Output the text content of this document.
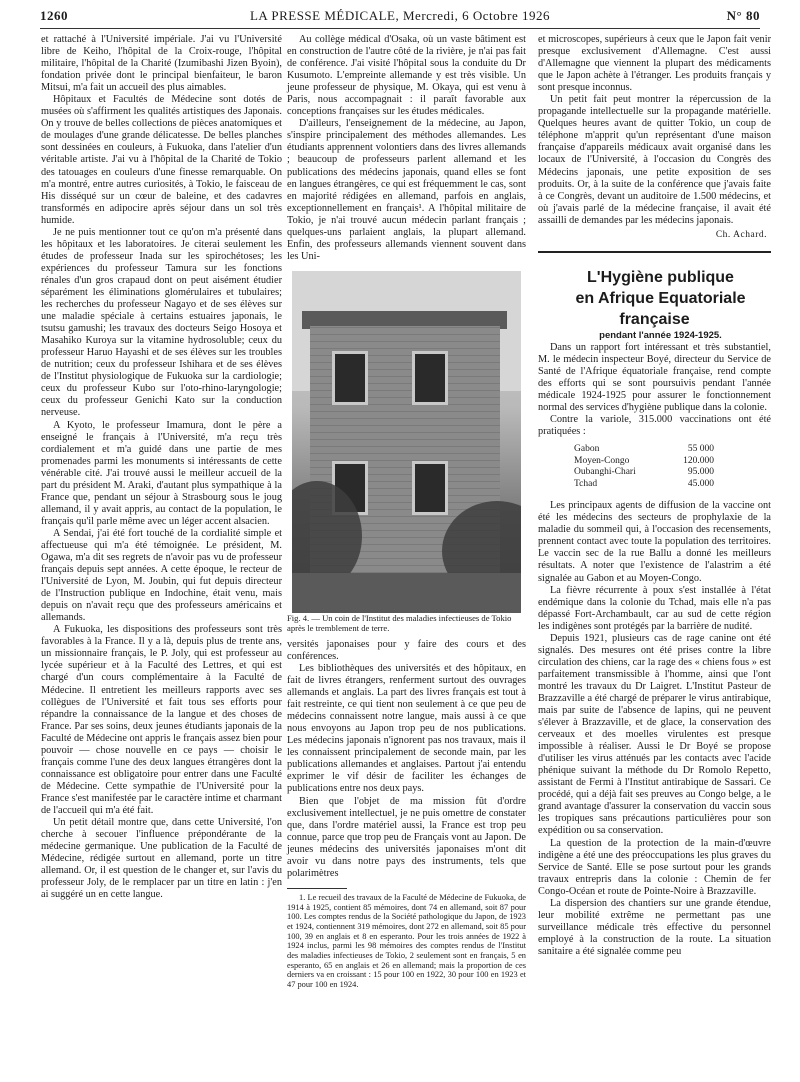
1260	LA PRESSE MÉDICALE, Mercredi, 6 Octobre 1926	N° 80

et rattaché à l'Université impériale. J'ai vu l'Université libre de Keiho, l'hôpital de la Croix-rouge, l'hôpital militaire, l'hôpital de la Charité (Izumibashi Jizen Byoin), fondation privée dont le principal bienfaiteur, le baron Mitsui, m'a fait un accueil des plus aimables.

Hôpitaux et Facultés de Médecine sont dotés de musées où s'affirment les qualités artistiques des Japonais. On y trouve de belles collections de pièces anatomiques et de moulages d'une grande délicatesse. De belles planches sont dessinées en couleurs, à Fukuoka, dans l'atelier d'un véritable artiste. J'ai vu à l'hôpital de la Charité de Tokio des tatouages en couleurs d'une finesse remarquable. On m'a montré, entre autres curiosités, à Tokio, le faisceau de His disséqué sur un cœur de baleine, et des cadavres transformés en adipocire après séjour dans un sol très humide.

Je ne puis mentionner tout ce qu'on m'a présenté dans les hôpitaux et les laboratoires. Je citerai seulement les études de professeur Inada sur les spirochétoses; les expériences du professeur Tamura sur les fonctions rénales d'un gros crapaud dont on peut aisément étudier séparément les éliminations glomérulaires et tubulaires; les recherches du professeur Nagayo et de ses élèves sur une maladie spéciale à certains estuaires japonais, le tsutsu gamushi; les travaux des docteurs Seigo Hosoya et Masahiko Kuroya sur la vitamine hydrosoluble; ceux du professeur Haruo Hayashi et de ses élèves sur les troubles de nutrition; ceux du professeur Ishihara et de ses élèves de l'Institut physiologique de Fukuoka sur la cardiologie; ceux du professeur Kubo sur l'oto-rhino-laryngologie; ceux du professeur Genichi Kato sur la conduction nerveuse.

A Kyoto, le professeur Imamura, dont le père a enseigné le français à l'Université, m'a reçu très cordialement et m'a guidé dans une partie de mes promenades parmi les monuments si intéressants de cette vénérable cité. J'ai trouvé aussi le meilleur accueil de la part du président M. Araki, d'autant plus sympathique à la France que, pendant un séjour à Strasbourg sous le joug allemand, il y avait appris, au contact de la population, le français qu'il parle même avec un léger accent alsacien.

A Sendai, j'ai été fort touché de la cordialité simple et affectueuse qui m'a été témoignée. Le président, M. Ogawa, m'a dit ses regrets de n'avoir pas vu de professeur français depuis sept années. A cette époque, le recteur de l'Université de Lyon, M. Joubin, qui fut depuis directeur de l'Instruction publique en Indochine, était venu, mais depuis on n'avait reçu que des professeurs américains et allemands.

A Fukuoka, les dispositions des professeurs sont très favorables à la France. Il y a là, depuis plus de trente ans, un missionnaire français, le P. Joly, qui est professeur au lycée supérieur et à la Faculté des Lettres, et qui est chargé d'un cours complémentaire à la Faculté de Médecine. Il entretient les meilleurs rapports avec ses collègues de l'Université et fait tous ses efforts pour répandre la connaissance de la langue et des choses de France. Par ses soins, deux jeunes étudiants japonais de la Faculté de Médecine ont appris le français assez bien pour pouvoir — chose nouvelle en ce pays — choisir le français comme l'une des deux langues étrangères dont la connaissance est obligatoire pour entrer dans une Faculté de Médecine. Cette sympathie de l'Université pour la France s'est manifestée par le caractère intime et charmant de l'accueil qui m'a été fait.

Un petit détail montre que, dans cette Université, l'on cherche à secouer l'influence prépondérante de la médecine germanique. Une publication de la Faculté de Médecine, rédigée surtout en allemand, porte un titre allemand. Or, il est question de le changer et, sur l'avis du professeur Joly, de le remplacer par un titre en latin : j'en ai suggéré un en cette langue.

Au collège médical d'Osaka, où un vaste bâtiment est en construction de l'autre côté de la rivière, je n'ai pas fait de conférence. J'ai visité l'hôpital sous la conduite du Dr Kusumoto. L'empreinte allemande y est très visible. Un jeune professeur de physique, M. Okaya, qui est venu à Paris, nous accompagnait : il paraît favorable aux conceptions françaises sur les études médicales.

D'ailleurs, l'enseignement de la médecine, au Japon, s'inspire principalement des méthodes allemandes. Les étudiants apprennent volontiers dans des livres allemands ; beaucoup de professeurs parlent allemand et les publications des médecins japonais, quand elles se font en langues étrangères, ce qui est fréquemment le cas, sont en majorité rédigées en allemand, parfois en anglais, exceptionnellement en français¹. A l'hôpital militaire de Tokio, je n'ai trouvé aucun médecin parlant français ; quelques-uns parlaient anglais, la plupart allemand. Enfin, des professeurs allemands viennent souvent dans les Uni-

Fig. 4. — Un coin de l'Institut des maladies infectieuses de Tokio après le tremblement de terre.

versités japonaises pour y faire des cours et des conférences.

Les bibliothèques des universités et des hôpitaux, en fait de livres étrangers, renferment surtout des ouvrages allemands et anglais. La part des livres français est tout à fait restreinte, ce qui tient non seulement à ce que peu de médecins connaissent notre langue, mais aussi à ce que nous envoyons au Japon trop peu de nos publications. Les médecins japonais n'ignorent pas nos travaux, mais il les connaissent principalement de seconde main, par les publications allemandes et anglaises. Partout j'ai entendu exprimer le vif désir de faciliter les échanges de publications entre nos deux pays.

Bien que l'objet de ma mission fût d'ordre exclusivement intellectuel, je ne puis omettre de constater que, dans l'ordre matériel aussi, la France est trop peu connue, parce que trop peu de Français vont au Japon. De jeunes médecins des universités japonaises m'ont dit avoir vu dans notre pays des instruments, tels que polarimètres

1. Le recueil des travaux de la Faculté de Médecine de Fukuoka, de 1914 à 1925, contient 85 mémoires, dont 74 en allemand, soit 87 pour 100. Les comptes rendus de la Société pathologique du Japon, de 1923 et 1924, contiennent 319 mémoires, dont 272 en allemand, soit 85 pour 100, 39 en anglais et 8 en esperanto. Pour les trois années de 1922 à 1924 inclus, parmi les 98 mémoires des comptes rendus de l'Institut des maladies infectieuses de Tokio, 2 seulement sont en français, 5 en esperanto, 65 en anglais et 26 en allemand; mais la proportion de ces derniers va en croissant : 15 pour 100 en 1922, 30 pour 100 en 1923 et 47 pour 100 en 1924.

et microscopes, supérieurs à ceux que le Japon fait venir presque exclusivement d'Allemagne. C'est aussi d'Allemagne que viennent la plupart des médicaments que le Japon achète à l'étranger. Les produits français y sont presque inconnus.

Un petit fait peut montrer la répercussion de la propagande intellectuelle sur la propagande matérielle. Quelques heures avant de quitter Tokio, un coup de téléphone m'apprit qu'un représentant d'une maison française d'appareils médicaux avait organisé dans les locaux de l'Université, à l'occasion du Congrès des Médecins japonais, une petite exposition de ses produits. Or, à la suite de la conférence que j'avais faite à ce Congrès, devant un auditoire de 1.500 médecins, et où j'avais parlé de la médecine française, il avait été assailli de demandes par les médecins japonais.

Ch. Achard.

L'Hygiène publique

en Afrique Equatoriale française

pendant l'année 1924-1925.

Dans un rapport fort intéressant et très substantiel, M. le médecin inspecteur Boyé, directeur du Service de Santé de l'Afrique équatoriale française, rend compte des efforts qui se sont poursuivis pendant l'année médicale 1924-1925 pour assurer le fonctionnement normal des services d'hygiène publique dans la colonie.

Contre la variole, 315.000 vaccinations ont été pratiquées :

Gabon	55 000
Moyen-Congo	120.000
Oubanghi-Chari	95.000
Tchad	45.000

Les principaux agents de diffusion de la vaccine ont été les médecins des secteurs de prophylaxie de la maladie du sommeil qui, à l'occasion des recensements, prennent contact avec toute la population des territoires. Le vaccin sec de la rue Ballu a donné les meilleurs résultats. A noter que l'existence de l'alastrim a été signalée au Gabon et au Moyen-Congo.

La fièvre récurrente à poux s'est installée à l'état endémique dans la colonie du Tchad, mais elle n'a pas dépassé Fort-Archambault, car au sud de cette région les indigènes sont protégés par la barrière de nudité.

Depuis 1921, plusieurs cas de rage canine ont été signalés. Des mesures ont été prises contre la libre circulation des chiens, car la rage des « chiens fous » est parfaitement transmissible à l'homme, ainsi que l'ont montré les travaux du Dr Laigret. L'Institut Pasteur de Brazzaville a été chargé de préparer le virus antirabique, mais par suite de l'absence de lapins, qui ne peuvent s'élever à Brazzaville, et de glace, la conservation des cerveaux et des moelles virulentes est presque impossible à réaliser. Aussi le Dr Boyé se propose d'utiliser les virus atténués par les contacts avec l'acide phénique suivant la méthode du Dr Romolo Repetto, assistant de Fermi à l'Institut antirabique de Sassari. Ce procédé, qui a déjà fait ses preuves au Congo belge, a le grand avantage d'assurer la conservation du vaccin sous les tropiques sans précautions particulières pour son expédition ou sa conservation.

La question de la protection de la main-d'œuvre indigène a été une des préoccupations les plus graves du Service de Santé. Elle se pose surtout pour les grands travaux entrepris dans la colonie : Chemin de fer Congo-Océan et route de Pointe-Noire à Brazzaville.

La dispersion des chantiers sur une grande étendue, leur mobilité extrême ne permettant pas une surveillance médicale très effective du personnel employé à la construction de la route. La situation sanitaire a été signalée comme peu
